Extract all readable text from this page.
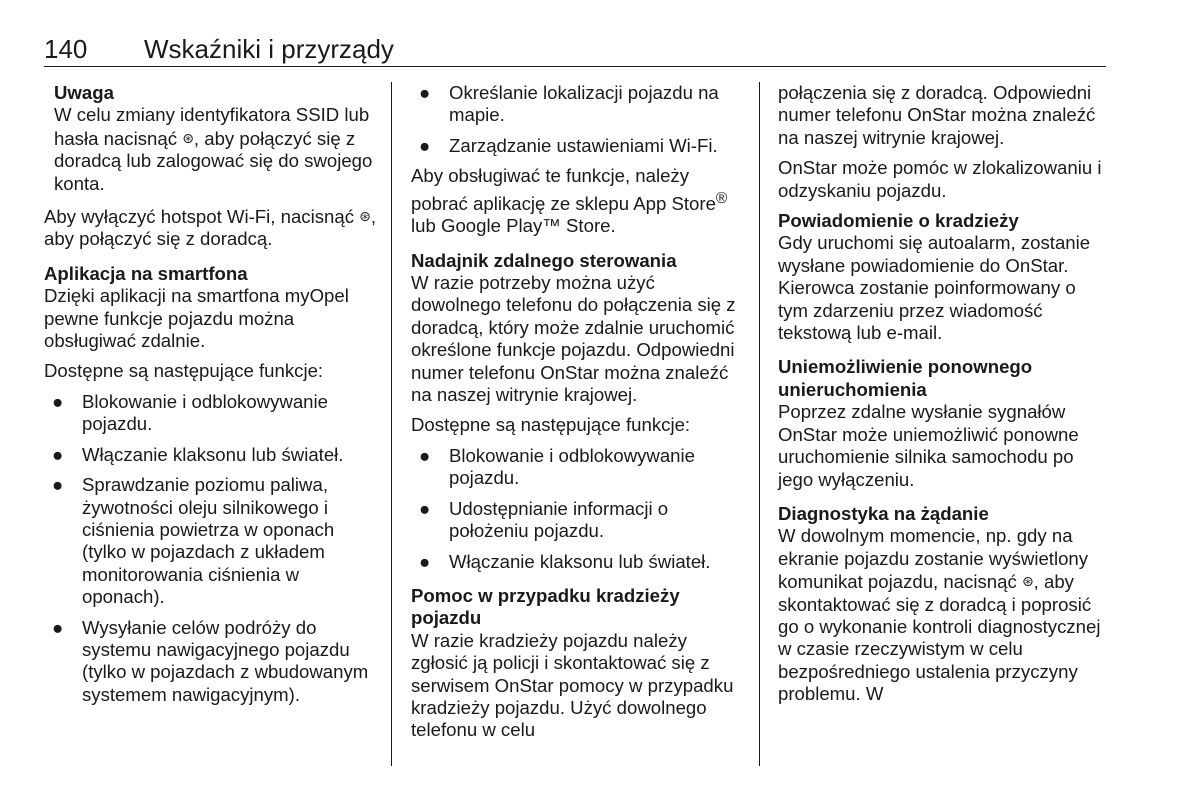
140 Wskaźniki i przyrządy
Uwaga
W celu zmiany identyfikatora SSID lub hasła nacisnąć ⊛, aby połączyć się z doradcą lub zalogować się do swojego konta.

Aby wyłączyć hotspot Wi-Fi, nacisnąć ⊛, aby połączyć się z doradcą.

Aplikacja na smartfona

Dzięki aplikacji na smartfona myOpel pewne funkcje pojazdu można obsługiwać zdalnie.

Dostępne są następujące funkcje:

● Blokowanie i odblokowywanie pojazdu.
● Włączanie klaksonu lub świateł.
● Sprawdzanie poziomu paliwa, żywotności oleju silnikowego i ciśnienia powietrza w oponach (tylko w pojazdach z układem monitorowania ciśnienia w oponach).
● Wysyłanie celów podróży do systemu nawigacyjnego pojazdu (tylko w pojazdach z wbudowanym systemem nawigacyjnym).
● Określanie lokalizacji pojazdu na mapie.
● Zarządzanie ustawieniami Wi-Fi.

Aby obsługiwać te funkcje, należy pobrać aplikację ze sklepu App Store® lub Google Play™ Store.

Nadajnik zdalnego sterowania

W razie potrzeby można użyć dowolnego telefonu do połączenia się z doradcą, który może zdalnie uruchomić określone funkcje pojazdu. Odpowiedni numer telefonu OnStar można znaleźć na naszej witrynie krajowej.

Dostępne są następujące funkcje:

● Blokowanie i odblokowywanie pojazdu.
● Udostępnianie informacji o położeniu pojazdu.
● Włączanie klaksonu lub świateł.
Pomoc w przypadku kradzieży pojazdu

W razie kradzieży pojazdu należy zgłosić ją policji i skontaktować się z serwisem OnStar pomocy w przypadku kradzieży pojazdu. Użyć dowolnego telefonu w celu

połączenia się z doradcą. Odpowiedni numer telefonu OnStar można znaleźć na naszej witrynie krajowej.

OnStar może pomóc w zlokalizowaniu i odzyskaniu pojazdu.

Powiadomienie o kradzieży

Gdy uruchomi się autoalarm, zostanie wysłane powiadomienie do OnStar. Kierowca zostanie poinformowany o tym zdarzeniu przez wiadomość tekstową lub e-mail.

Uniemożliwienie ponownego unieruchomienia

Poprzez zdalne wysłanie sygnałów OnStar może uniemożliwić ponowne uruchomienie silnika samochodu po jego wyłączeniu.

Diagnostyka na żądanie

W dowolnym momencie, np. gdy na ekranie pojazdu zostanie wyświetlony komunikat pojazdu, nacisnąć ⊛, aby skontaktować się z doradcą i poprosić go o wykonanie kontroli diagnostycznej w czasie rzeczywistym w celu bezpośredniego ustalenia przyczyny problemu. W
